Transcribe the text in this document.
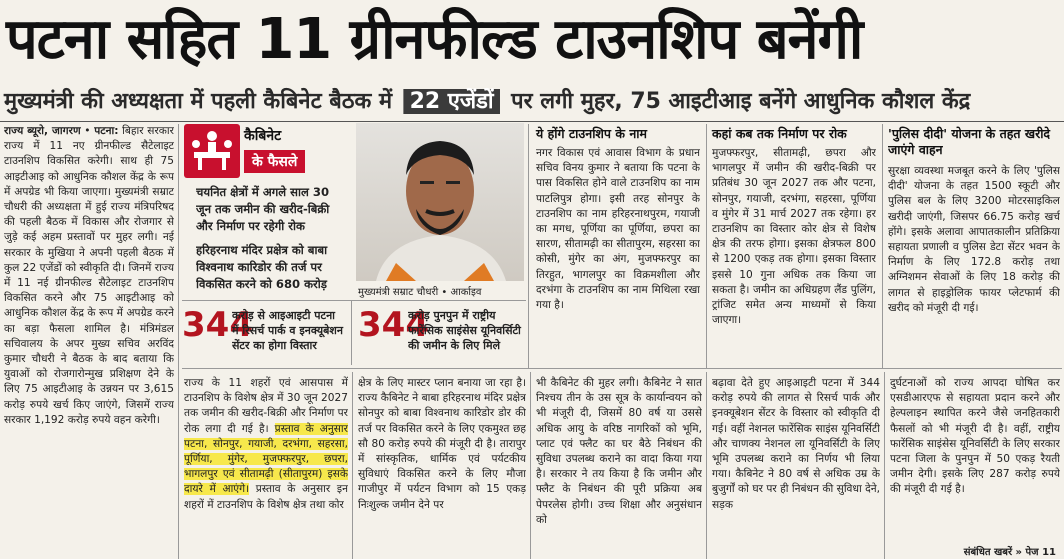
पटना सहित 11 ग्रीनफील्ड टाउनशिप बनेंगी
मुख्यमंत्री की अध्यक्षता में पहली कैबिनेट बैठक में 22 एजेंडों पर लगी मुहर, 75 आइटीआइ बनेंगे आधुनिक कौशल केंद्र
राज्य ब्यूरो, जागरण • पटना: बिहार सरकार राज्य में 11 नए ग्रीनफील्ड सैटेलाइट टाउनशिप विकसित करेगी। साथ ही 75 आइटीआइ को आधुनिक कौशल केंद्र के रूप में अपग्रेड भी किया जाएगा। मुख्यमंत्री सम्राट चौधरी की अध्यक्षता में हुई राज्य मंत्रिपरिषद की पहली बैठक में विकास और रोजगार से जुड़े कई अहम प्रस्तावों पर मुहर लगी। नई सरकार के मुखिया ने अपनी पहली बैठक में कुल 22 एजेंडों को स्वीकृति दी। जिनमें राज्य में 11 नई ग्रीनफील्ड सैटेलाइट टाउनशिप विकसित करने और 75 आइटीआइ को आधुनिक कौशल केंद्र के रूप में अपग्रेड करने का बड़ा फैसला शामिल है। मंत्रिमंडल सचिवालय के अपर मुख्य सचिव अरविंद कुमार चौधरी ने बैठक के बाद बताया कि युवाओं को रोजगारोन्मुख प्रशिक्षण देने के लिए 75 आइटीआइ के उन्नयन पर 3,615 करोड़ रुपये खर्च किए जाएंगे, जिसमें राज्य सरकार 1,192 करोड़ रुपये वहन करेगी।
कैबिनेट
के फैसले
■ चयनित क्षेत्रों में अगले साल 30 जून तक जमीन की खरीद-बिक्री और निर्माण पर रहेगी रोक
■ हरिहरनाथ मंदिर प्रक्षेत्र को बाबा विश्वनाथ कारिडोर की तर्ज पर विकसित करने को 680 करोड़
मुख्यमंत्री सम्राट चौधरी • आर्काइव
344
करोड़ से आइआइटी पटना में रिसर्च पार्क व इनक्यूबेशन सेंटर का होगा विस्तार
344
करोड़ पुनपुन में राष्ट्रीय फारेंसिक साइंसेस यूनिवर्सिटी की जमीन के लिए मिले
ये होंगे टाउनशिप के नाम
नगर विकास एवं आवास विभाग के प्रधान सचिव विनय कुमार ने बताया कि पटना के पास विकसित होने वाले टाउनशिप का नाम पाटलिपुत्र होगा। इसी तरह सोनपुर के टाउनशिप का नाम हरिहरनाथपुरम, गयाजी का मगध, पूर्णिया का पूर्णिया, छपरा का सारण, सीतामढ़ी का सीतापुरम, सहरसा का कोसी, मुंगेर का अंग, मुजफ्फरपुर का तिरहुत, भागलपुर का विक्रमशीला और दरभंगा के टाउनशिप का नाम मिथिला रखा गया है।
कहां कब तक निर्माण पर रोक
मुजफ्फरपुर, सीतामढ़ी, छपरा और भागलपुर में जमीन की खरीद-बिक्री पर प्रतिबंध 30 जून 2027 तक और पटना, सोनपुर, गयाजी, दरभंगा, सहरसा, पूर्णिया व मुंगेर में 31 मार्च 2027 तक रहेगा। हर टाउनशिप का विस्तार कोर क्षेत्र से विशेष क्षेत्र की तरफ होगा। इसका क्षेत्रफल 800 से 1200 एकड़ तक होगा। इसका विस्तार इससे 10 गुना अधिक तक किया जा सकता है। जमीन का अधिग्रहण लैंड पुलिंग, ट्रांजिट समेत अन्य माध्यमों से किया जाएगा।
'पुलिस दीदी' योजना के तहत खरीदे जाएंगे वाहन
सुरक्षा व्यवस्था मजबूत करने के लिए 'पुलिस दीदी' योजना के तहत 1500 स्कूटी और पुलिस बल के लिए 3200 मोटरसाइकिल खरीदी जाएंगी, जिसपर 66.75 करोड़ खर्च होंगे। इसके अलावा आपातकालीन प्रतिक्रिया सहायता प्रणाली व पुलिस डेटा सेंटर भवन के निर्माण के लिए 172.8 करोड़ तथा अग्निशमन सेवाओं के लिए 18 करोड़ की लागत से हाइड्रोलिक फायर प्लेटफार्म की खरीद को मंजूरी दी गई।
राज्य के 11 शहरों एवं आसपास में टाउनशिप के विशेष क्षेत्र में 30 जून 2027 तक जमीन की खरीद-बिक्री और निर्माण पर रोक लगा दी गई है। प्रस्ताव के अनुसार पटना, सोनपुर, गयाजी, दरभंगा, सहरसा, पूर्णिया, मुंगेर, मुजफ्फरपुर, छपरा, भागलपुर एवं सीतामढ़ी (सीतापुरम) इसके दायरे में आएंगे। प्रस्ताव के अनुसार इन शहरों में टाउनशिप के विशेष क्षेत्र तथा कोर
क्षेत्र के लिए मास्टर प्लान बनाया जा रहा है। राज्य कैबिनेट ने बाबा हरिहरनाथ मंदिर प्रक्षेत्र सोनपुर को बाबा विश्वनाथ कारिडोर डोर की तर्ज पर विकसित करने के लिए एकमुश्त छह सौ 80 करोड़ रुपये की मंजूरी दी है। तारापुर में सांस्कृतिक, धार्मिक एवं पर्यटकीय सुविधाएं विकसित करने के लिए मौजा गाजीपुर में पर्यटन विभाग को 15 एकड़ निःशुल्क जमीन देने पर
भी कैबिनेट की मुहर लगी। कैबिनेट ने सात निश्चय तीन के उस सूत्र के कार्यान्वयन को भी मंजूरी दी, जिसमें 80 वर्ष या उससे अधिक आयु के वरिष्ठ नागरिकों को भूमि, प्लाट एवं फ्लैट का घर बैठे निबंधन की सुविधा उपलब्ध कराने का वादा किया गया है। सरकार ने तय किया है कि जमीन और फ्लैट के निबंधन की पूरी प्रक्रिया अब पेपरलेस होगी। उच्च शिक्षा और अनुसंधान को
बढ़ावा देते हुए आइआइटी पटना में 344 करोड़ रुपये की लागत से रिसर्च पार्क और इनक्यूबेशन सेंटर के विस्तार को स्वीकृति दी गई। वहीं नेशनल फारेंसिक साइंस यूनिवर्सिटी और चाणक्य नेशनल ला यूनिवर्सिटी के लिए भूमि उपलब्ध कराने का निर्णय भी लिया गया। कैबिनेट ने 80 वर्ष से अधिक उम्र के बुजुर्गों को घर पर ही निबंधन की सुविधा देने, सड़क
दुर्घटनाओं को राज्य आपदा घोषित कर एसडीआरएफ से सहायता प्रदान करने और हेल्पलाइन स्थापित करने जैसे जनहितकारी फैसलों को भी मंजूरी दी है। वहीं, राष्ट्रीय फारेंसिक साइंसेस यूनिवर्सिटी के लिए सरकार पटना जिला के पुनपुन में 50 एकड़ रैयती जमीन देगी। इसके लिए 287 करोड़ रुपये की मंजूरी दी गई है।
संबंधित खबरें » पेज 11
